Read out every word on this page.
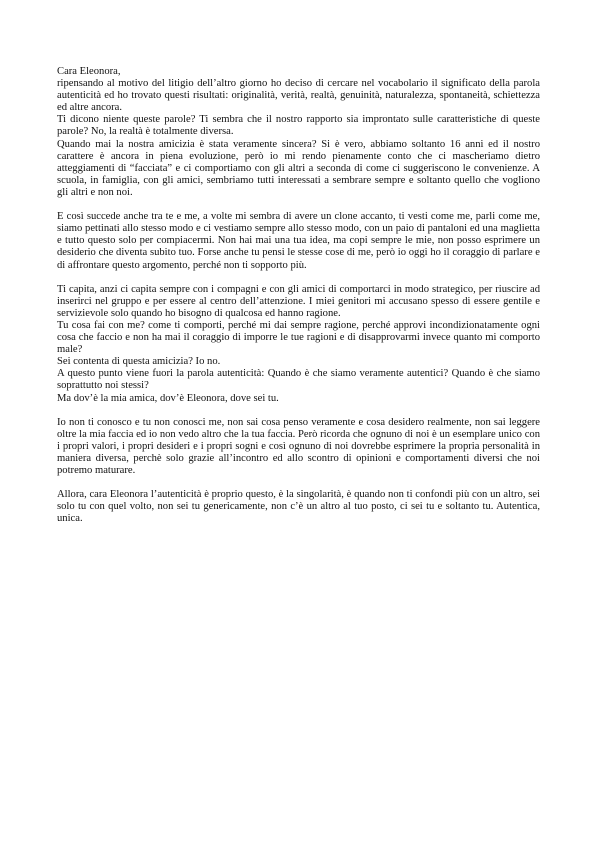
Cara Eleonora,

ripensando al motivo del litigio dell’altro giorno ho deciso di cercare nel vocabolario il significato della parola autenticità ed ho trovato questi risultati: originalità, verità, realtà, genuinità, naturalezza, spontaneità, schiettezza ed altre ancora.

Ti dicono niente queste parole? Ti sembra che il nostro rapporto sia improntato sulle caratteristiche di queste parole? No, la realtà è totalmente diversa.

Quando mai la nostra amicizia è stata veramente sincera? Si è vero, abbiamo soltanto 16 anni ed il nostro carattere è ancora in piena evoluzione, però io mi rendo pienamente conto che ci mascheriamo dietro atteggiamenti di “facciata” e ci comportiamo con gli altri a seconda di come ci suggeriscono le convenienze. A scuola, in famiglia, con gli amici, sembriamo tutti interessati a sembrare sempre e soltanto quello che vogliono gli altri e non noi.

E così succede anche tra te e me, a volte mi sembra di avere un clone accanto, ti vesti come me, parli come me, siamo pettinati allo stesso modo e ci vestiamo sempre allo stesso modo, con un paio di pantaloni ed una maglietta e tutto questo solo per compiacermi. Non hai mai una tua idea, ma copi sempre le mie, non posso esprimere un desiderio che diventa subito tuo. Forse anche tu pensi le stesse cose di me, però io oggi ho il coraggio di parlare e di affrontare questo argomento, perché non ti sopporto più.

Ti capita, anzi ci capita sempre con i compagni e con gli amici di comportarci in modo strategico, per riuscire ad inserirci nel gruppo e per essere al centro dell’attenzione. I miei genitori mi accusano spesso di essere gentile e servizievole solo quando ho bisogno di qualcosa ed hanno ragione.

Tu cosa fai con me? come ti comporti, perché mi dai sempre ragione, perché approvi incondizionatamente ogni cosa che faccio e non ha mai il coraggio di imporre le tue ragioni e di disapprovarmi invece quanto mi comporto male?

Sei contenta di questa amicizia? Io no.

A questo punto viene fuori la parola autenticità: Quando è che siamo veramente autentici? Quando è che siamo soprattutto noi stessi?

Ma dov’è la mia amica, dov’è Eleonora, dove sei tu.

Io non ti conosco e tu non conosci me, non sai cosa penso veramente e cosa desidero realmente, non sai leggere oltre la mia faccia ed io non vedo altro che la tua faccia. Però ricorda che ognuno di noi è un esemplare unico con i propri valori, i propri desideri e i propri sogni e così ognuno di noi dovrebbe esprimere la propria personalità in maniera diversa, perchè solo grazie all’incontro ed allo scontro di opinioni e comportamenti diversi che noi potremo maturare.

Allora, cara Eleonora l’autenticità è proprio questo, è la singolarità, è quando non ti confondi più con un altro, sei solo tu con quel volto, non sei tu genericamente, non c’è un altro al tuo posto, ci sei tu e soltanto tu. Autentica, unica.
